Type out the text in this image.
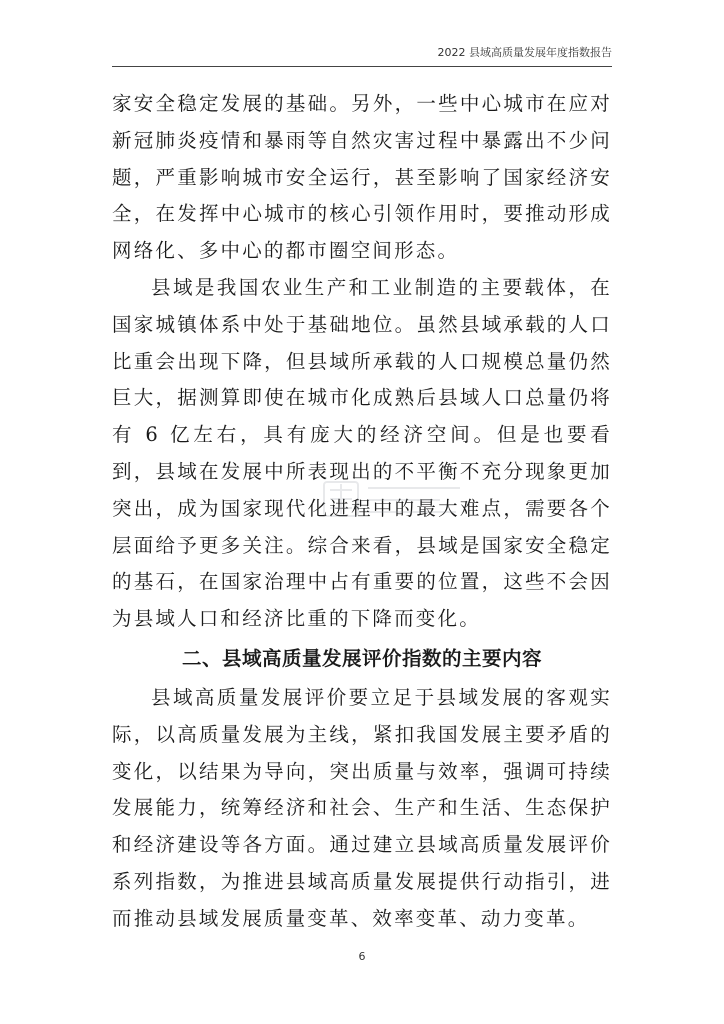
2022 县域高质量发展年度指数报告

家安全稳定发展的基础。另外，一些中心城市在应对新冠肺炎疫情和暴雨等自然灾害过程中暴露出不少问题，严重影响城市安全运行，甚至影响了国家经济安全，在发挥中心城市的核心引领作用时，要推动形成网络化、多中心的都市圈空间形态。

县域是我国农业生产和工业制造的主要载体，在国家城镇体系中处于基础地位。虽然县域承载的人口比重会出现下降，但县域所承载的人口规模总量仍然巨大，据测算即使在城市化成熟后县域人口总量仍将有 6 亿左右，具有庞大的经济空间。但是也要看到，县域在发展中所表现出的不平衡不充分现象更加突出，成为国家现代化进程中的最大难点，需要各个层面给予更多关注。综合来看，县域是国家安全稳定的基石，在国家治理中占有重要的位置，这些不会因为县域人口和经济比重的下降而变化。

二、县域高质量发展评价指数的主要内容

县域高质量发展评价要立足于县域发展的客观实际，以高质量发展为主线，紧扣我国发展主要矛盾的变化，以结果为导向，突出质量与效率，强调可持续发展能力，统筹经济和社会、生产和生活、生态保护和经济建设等各方面。通过建立县域高质量发展评价系列指数，为推进县域高质量发展提供行动指引，进而推动县域发展质量变革、效率变革、动力变革。

6
